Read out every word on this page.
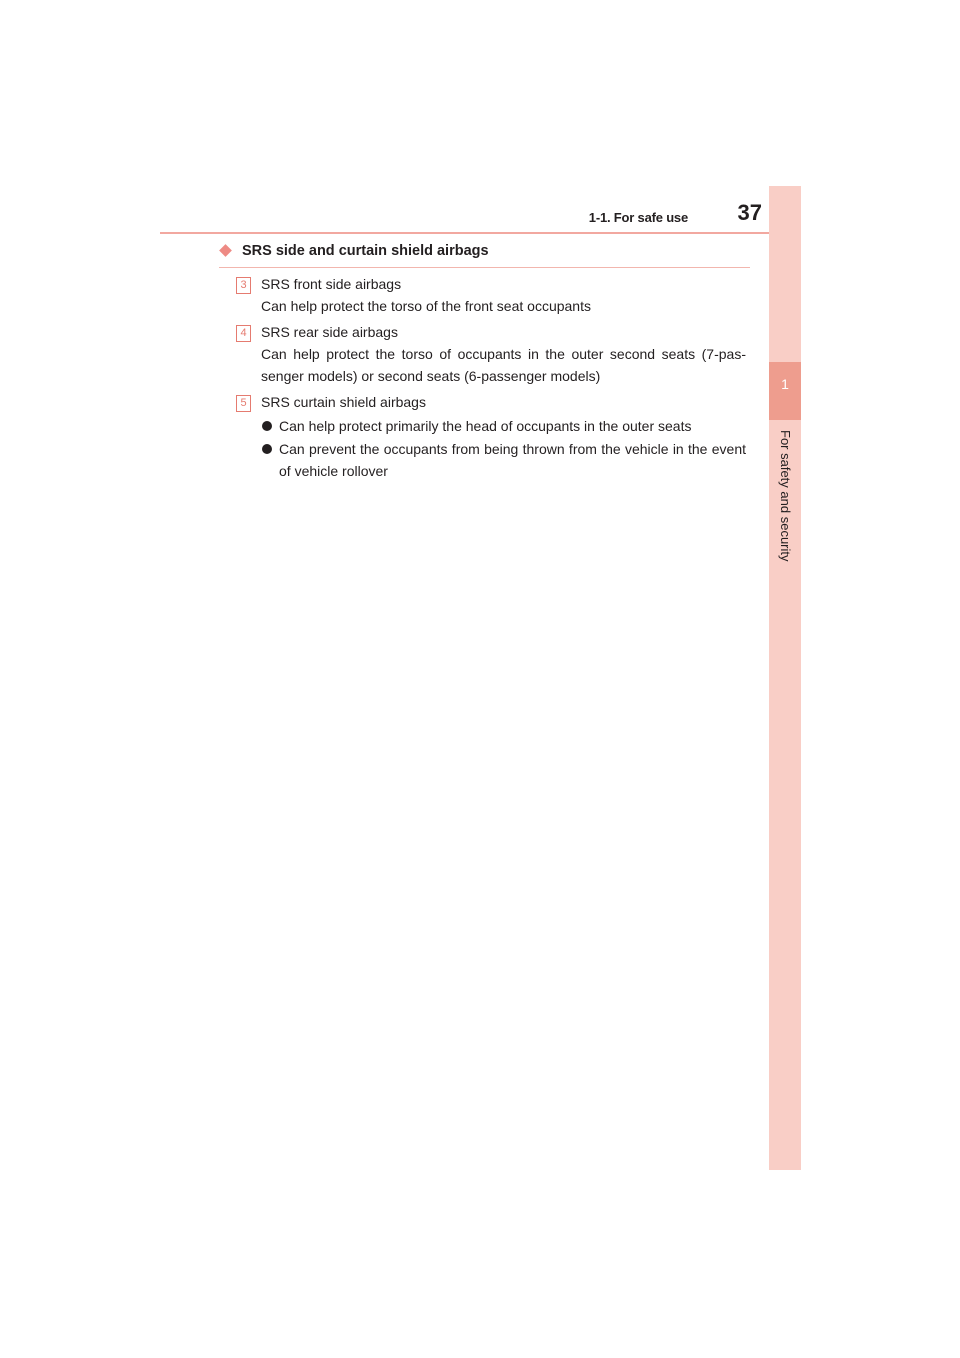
1-1. For safe use	37
1
For safety and security
SRS side and curtain shield airbags
3	SRS front side airbags
Can help protect the torso of the front seat occupants
4	SRS rear side airbags
Can help protect the torso of occupants in the outer second seats (7-pas- senger models) or second seats (6-passenger models)
5	SRS curtain shield airbags
Can help protect primarily the head of occupants in the outer seats
Can prevent the occupants from being thrown from the vehicle in the event of vehicle rollover
